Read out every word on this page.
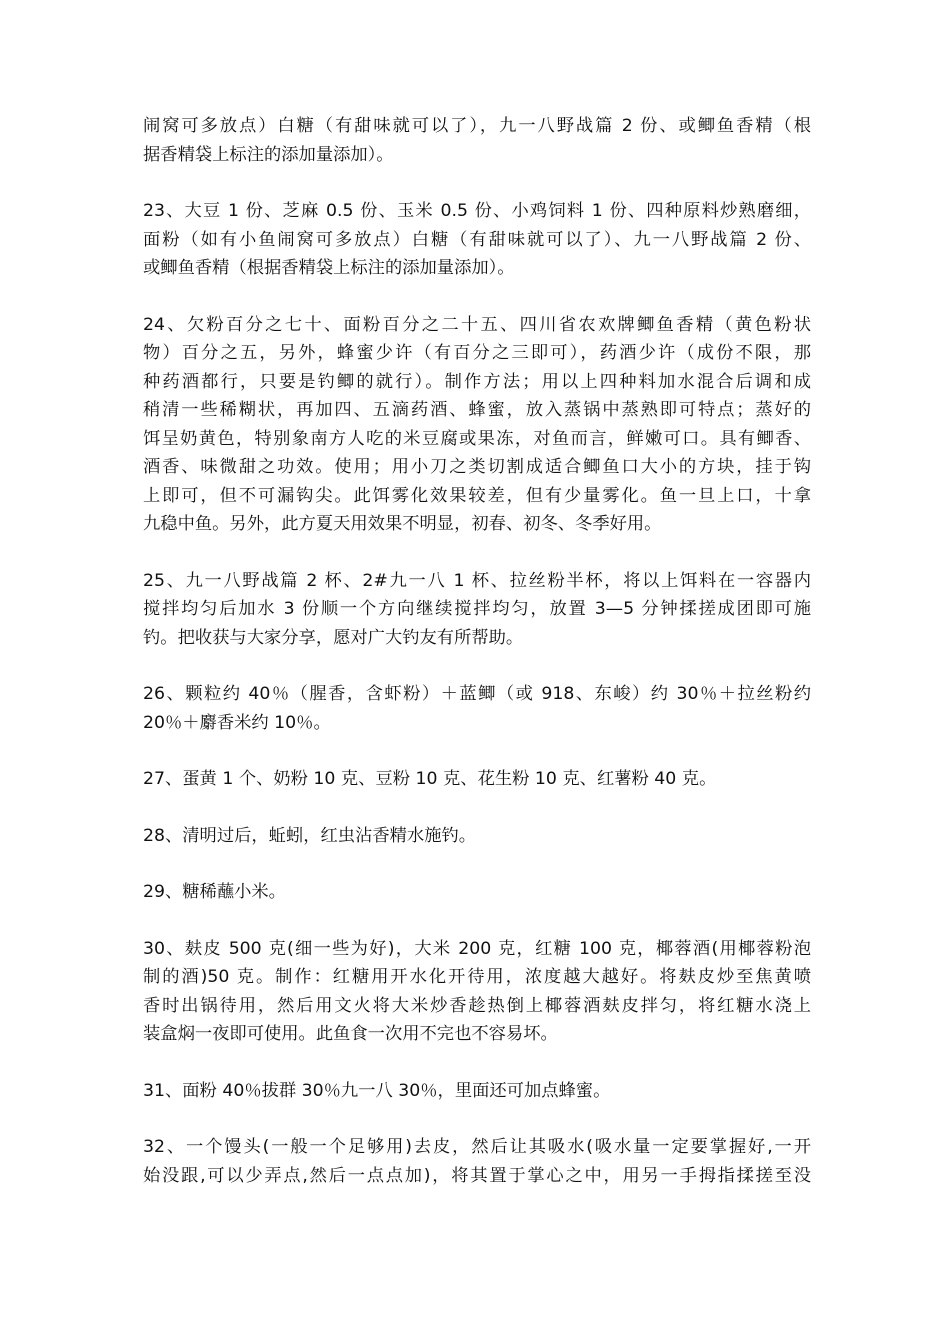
闹窝可多放点）白糖（有甜味就可以了），九一八野战篇 2 份、或鲫鱼香精（根
据香精袋上标注的添加量添加）。

23、大豆 1 份、芝麻 0.5 份、玉米 0.5 份、小鸡饲料 1 份、四种原料炒熟磨细，
面粉（如有小鱼闹窝可多放点）白糖（有甜味就可以了）、九一八野战篇 2 份、
或鲫鱼香精（根据香精袋上标注的添加量添加）。

24、欠粉百分之七十、面粉百分之二十五、四川省农欢牌鲫鱼香精（黄色粉状
物）百分之五，另外，蜂蜜少许（有百分之三即可），药酒少许（成份不限，那
种药酒都行，只要是钓鲫的就行）。制作方法；用以上四种料加水混合后调和成
稍清一些稀糊状，再加四、五滴药酒、蜂蜜，放入蒸锅中蒸熟即可特点；蒸好的
饵呈奶黄色，特别象南方人吃的米豆腐或果冻，对鱼而言，鲜嫩可口。具有鲫香、
酒香、味微甜之功效。使用；用小刀之类切割成适合鲫鱼口大小的方块，挂于钩
上即可，但不可漏钩尖。此饵雾化效果较差，但有少量雾化。鱼一旦上口，十拿
九稳中鱼。另外，此方夏天用效果不明显，初春、初冬、冬季好用。

25、九一八野战篇 2 杯、2#九一八 1 杯、拉丝粉半杯，将以上饵料在一容器内
搅拌均匀后加水 3 份顺一个方向继续搅拌均匀，放置 3—5 分钟揉搓成团即可施
钓。把收获与大家分享，愿对广大钓友有所帮助。

26、颗粒约 40％（腥香，含虾粉）＋蓝鲫（或 918、东峻）约 30％＋拉丝粉约
20％＋麝香米约 10％。

27、蛋黄 1 个、奶粉 10 克、豆粉 10 克、花生粉 10 克、红薯粉 40 克。

28、清明过后，蚯蚓，红虫沾香精水施钓。

29、糖稀蘸小米。

30、麸皮 500 克(细一些为好)，大米 200 克，红糖 100 克，椰蓉酒(用椰蓉粉泡
制的酒)50 克。制作：红糖用开水化开待用，浓度越大越好。将麸皮炒至焦黄喷
香时出锅待用，然后用文火将大米炒香趁热倒上椰蓉酒麸皮拌匀，将红糖水浇上
装盒焖一夜即可使用。此鱼食一次用不完也不容易坏。

31、面粉 40％拔群 30％九一八 30％，里面还可加点蜂蜜。

32、一个馒头(一般一个足够用)去皮，然后让其吸水(吸水量一定要掌握好,一开
始没跟,可以少弄点,然后一点点加)，将其置于掌心之中，用另一手拇指揉搓至没
